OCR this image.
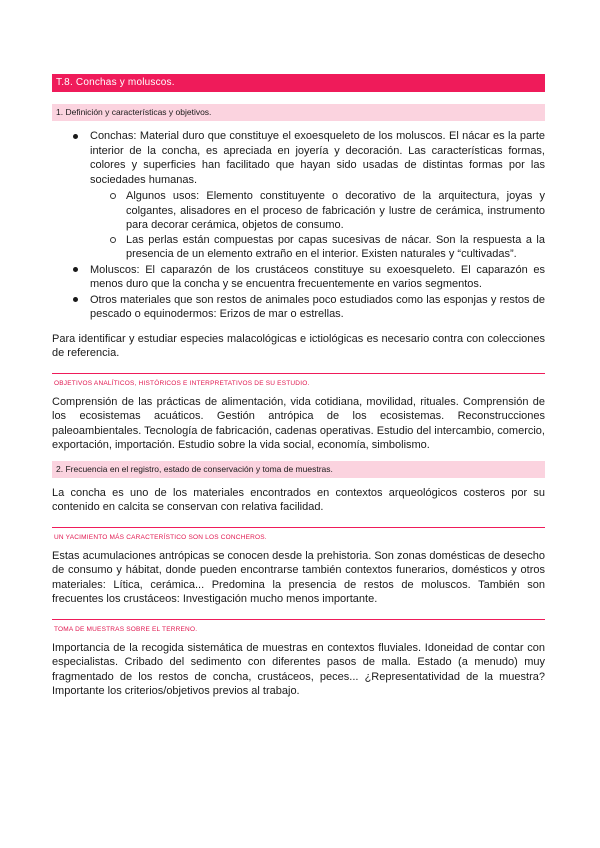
T.8. Conchas y moluscos.
1. Definición y características y objetivos.
Conchas: Material duro que constituye el exoesqueleto de los moluscos. El nácar es la parte interior de la concha, es apreciada en joyería y decoración. Las características formas, colores y superficies han facilitado que hayan sido usadas de distintas formas por las sociedades humanas.
Algunos usos: Elemento constituyente o decorativo de la arquitectura, joyas y colgantes, alisadores en el proceso de fabricación y lustre de cerámica, instrumento para decorar cerámica, objetos de consumo.
Las perlas están compuestas por capas sucesivas de nácar. Son la respuesta a la presencia de un elemento extraño en el interior. Existen naturales y “cultivadas”.
Moluscos: El caparazón de los crustáceos constituye su exoesqueleto. El caparazón es menos duro que la concha y se encuentra frecuentemente en varios segmentos.
Otros materiales que son restos de animales poco estudiados como las esponjas y restos de pescado o equinodermos: Erizos de mar o estrellas.

Para identificar y estudiar especies malacológicas e ictiológicas es necesario contra con colecciones de referencia.

OBJETIVOS ANALÍTICOS, HISTÓRICOS E INTERPRETATIVOS DE SU ESTUDIO.

Comprensión de las prácticas de alimentación, vida cotidiana, movilidad, rituales. Comprensión de los ecosistemas acuáticos. Gestión antrópica de los ecosistemas. Reconstrucciones paleoambientales. Tecnología de fabricación, cadenas operativas. Estudio del intercambio, comercio, exportación, importación. Estudio sobre la vida social, economía, simbolismo.

2. Frecuencia en el registro, estado de conservación y toma de muestras.

La concha es uno de los materiales encontrados en contextos arqueológicos costeros por su contenido en calcita se conservan con relativa facilidad.

UN YACIMIENTO MÁS CARACTERÍSTICO SON LOS CONCHEROS.

Estas acumulaciones antrópicas se conocen desde la prehistoria. Son zonas domésticas de desecho de consumo y hábitat, donde pueden encontrarse también contextos funerarios, domésticos y otros materiales: Lítica, cerámica... Predomina la presencia de restos de moluscos. También son frecuentes los crustáceos: Investigación mucho menos importante.

TOMA DE MUESTRAS SOBRE EL TERRENO.

Importancia de la recogida sistemática de muestras en contextos fluviales. Idoneidad de contar con especialistas. Cribado del sedimento con diferentes pasos de malla. Estado (a menudo) muy fragmentado de los restos de concha, crustáceos, peces... ¿Representatividad de la muestra? Importante los criterios/objetivos previos al trabajo.
